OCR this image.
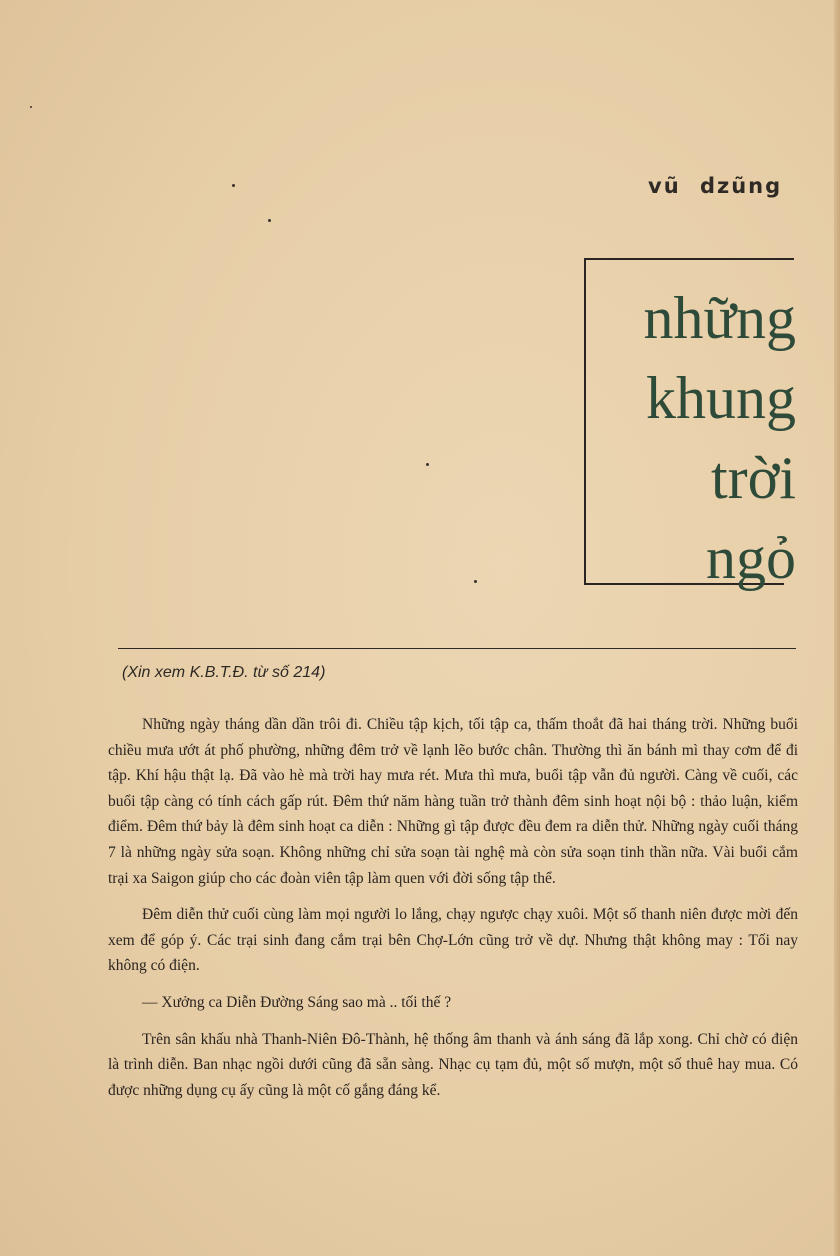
vũ dzũng
những
khung
trời
ngỏ
(Xin xem K.B.T.Đ. từ số 214)

Những ngày tháng dần dần trôi đi. Chiều tập kịch, tối tập ca, thấm thoắt đã hai tháng trời. Những buổi chiều mưa ướt át phố phường, những đêm trở về lạnh lẽo bước chân. Thường thì ăn bánh mì thay cơm để đi tập. Khí hậu thật lạ. Đã vào hè mà trời hay mưa rét. Mưa thì mưa, buổi tập vẫn đủ người. Càng về cuối, các buổi tập càng có tính cách gấp rút. Đêm thứ năm hàng tuần trở thành đêm sinh hoạt nội bộ : thảo luận, kiểm điểm. Đêm thứ bảy là đêm sinh hoạt ca diễn : Những gì tập được đều đem ra diễn thử. Những ngày cuối tháng 7 là những ngày sửa soạn. Không những chỉ sửa soạn tài nghệ mà còn sửa soạn tinh thần nữa. Vài buổi cắm trại xa Saigon giúp cho các đoàn viên tập làm quen với đời sống tập thể.

Đêm diễn thử cuối cùng làm mọi người lo lắng, chạy ngược chạy xuôi. Một số thanh niên được mời đến xem để góp ý. Các trại sinh đang cắm trại bên Chợ-Lớn cũng trở về dự. Nhưng thật không may : Tối nay không có điện.

— Xưởng ca Diễn Đường Sáng sao mà .. tối thế ?

Trên sân khấu nhà Thanh-Niên Đô-Thành, hệ thống âm thanh và ánh sáng đã lắp xong. Chỉ chờ có điện là trình diễn. Ban nhạc ngồi dưới cũng đã sẵn sàng. Nhạc cụ tạm đủ, một số mượn, một số thuê hay mua. Có được những dụng cụ ấy cũng là một cố gắng đáng kể.
